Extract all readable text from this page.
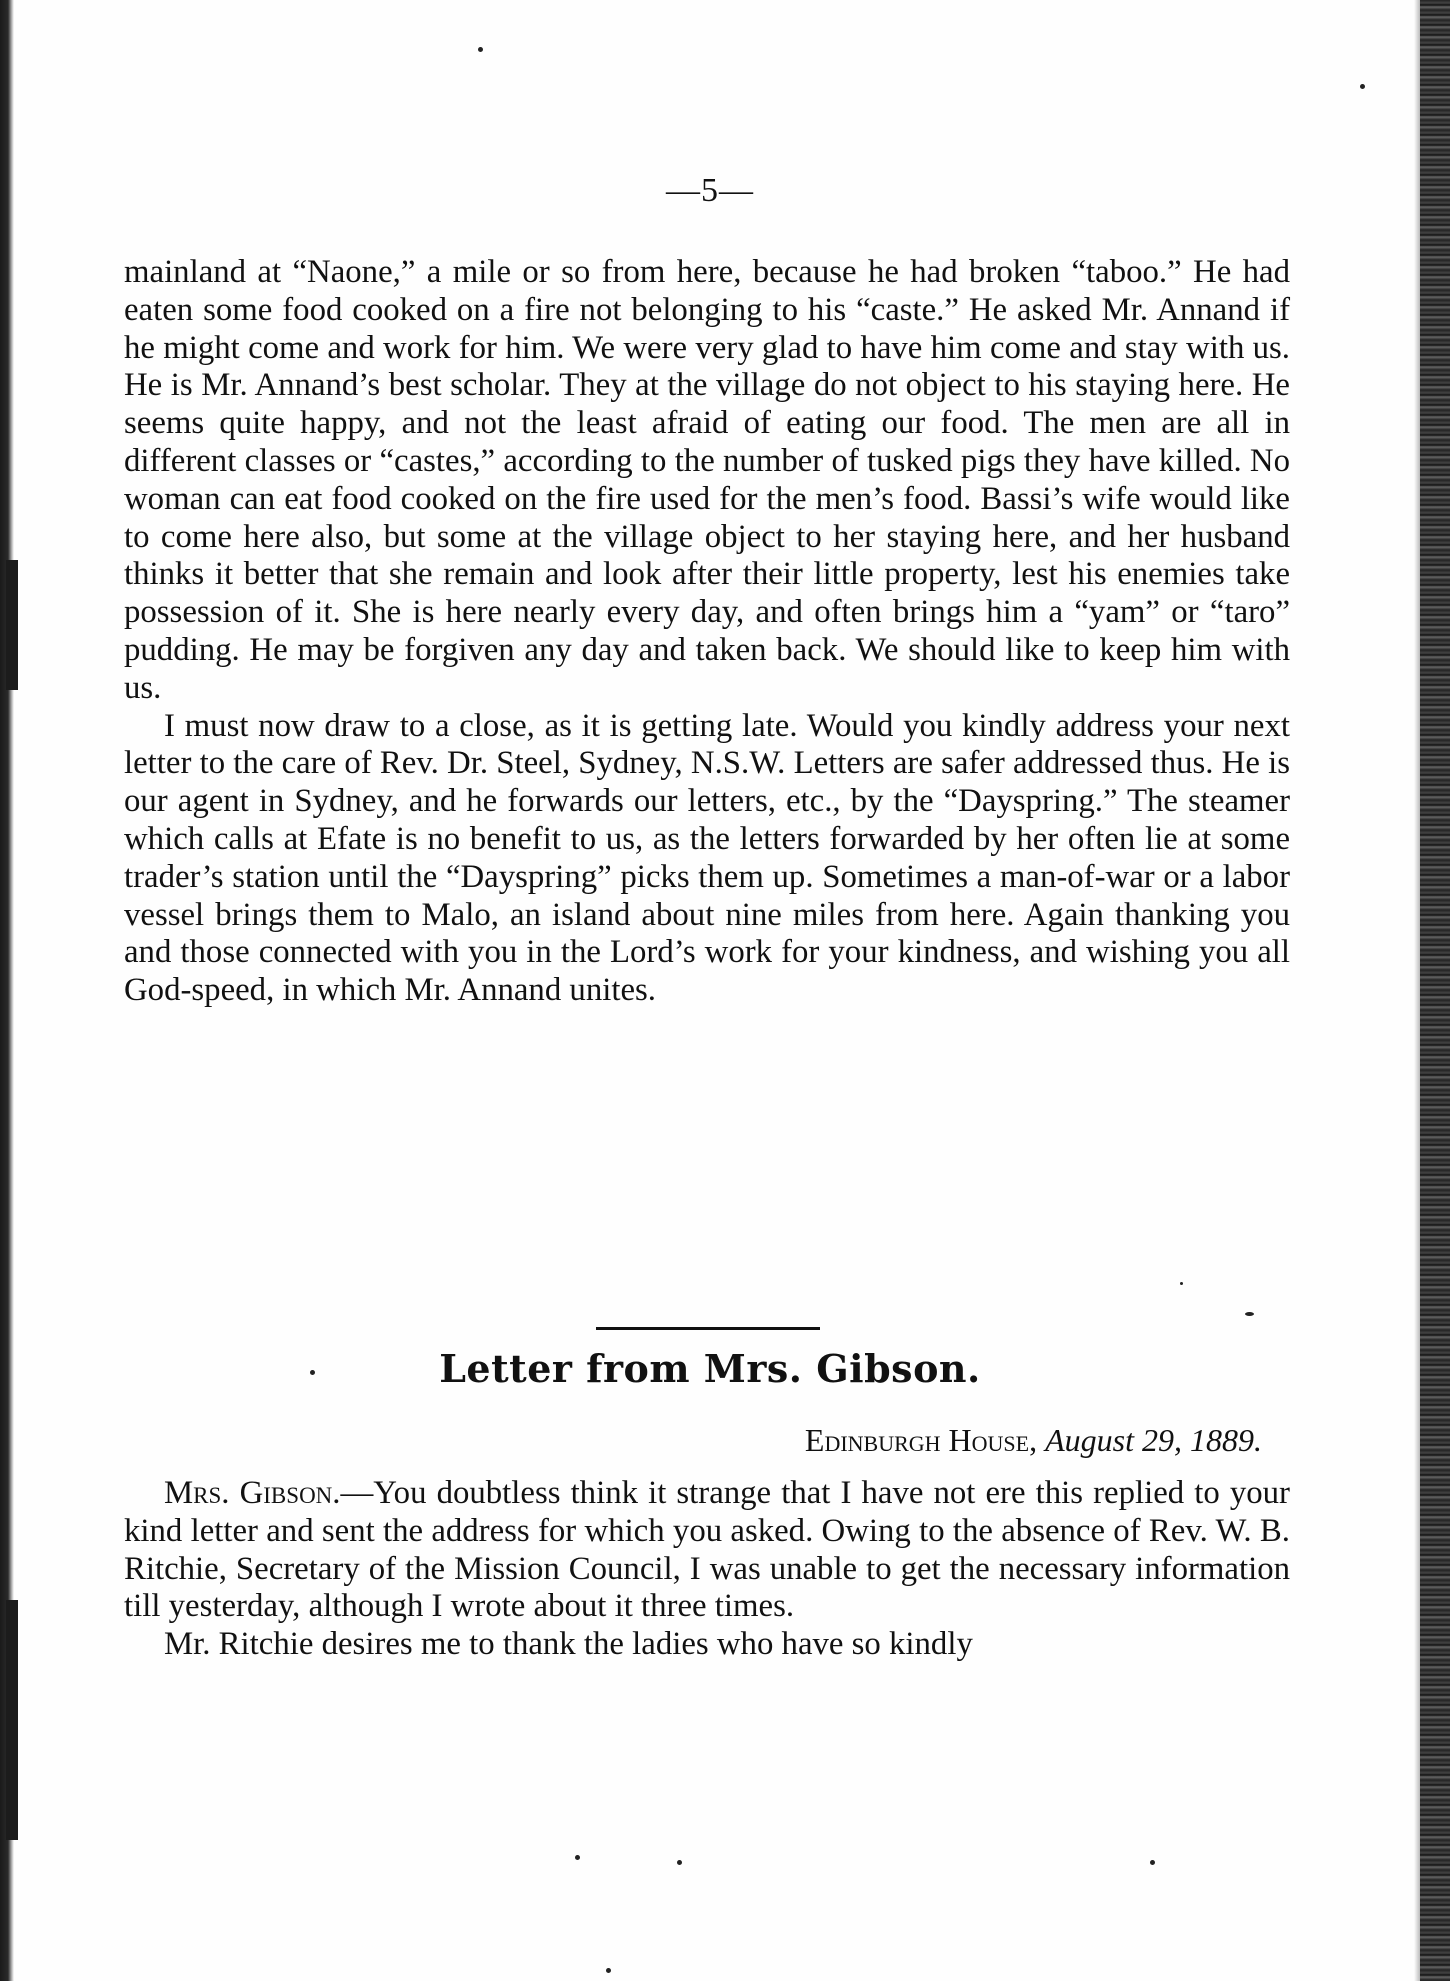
—5—

mainland at “Naone,” a mile or so from here, because he had broken “taboo.” He had eaten some food cooked on a fire not belonging to his “caste.” He asked Mr. Annand if he might come and work for him. We were very glad to have him come and stay with us. He is Mr. Annand’s best scholar. They at the village do not object to his staying here. He seems quite happy, and not the least afraid of eating our food. The men are all in different classes or “castes,” according to the number of tusked pigs they have killed. No woman can eat food cooked on the fire used for the men’s food. Bassi’s wife would like to come here also, but some at the village object to her staying here, and her husband thinks it better that she remain and look after their little property, lest his enemies take possession of it. She is here nearly every day, and often brings him a “yam” or “taro” pudding. He may be forgiven any day and taken back. We should like to keep him with us.

I must now draw to a close, as it is getting late. Would you kindly address your next letter to the care of Rev. Dr. Steel, Sydney, N.S.W. Letters are safer addressed thus. He is our agent in Sydney, and he forwards our letters, etc., by the “Dayspring.” The steamer which calls at Efate is no benefit to us, as the letters forwarded by her often lie at some trader’s station until the “Dayspring” picks them up. Sometimes a man-of-war or a labor vessel brings them to Malo, an island about nine miles from here. Again thanking you and those connected with you in the Lord’s work for your kindness, and wishing you all God-speed, in which Mr. Annand unites.

Letter from Mrs. Gibson.
Edinburgh House, August 29, 1889.

Mrs. Gibson.—You doubtless think it strange that I have not ere this replied to your kind letter and sent the address for which you asked. Owing to the absence of Rev. W. B. Ritchie, Secretary of the Mission Council, I was unable to get the necessary information till yesterday, although I wrote about it three times.

Mr. Ritchie desires me to thank the ladies who have so kindly
